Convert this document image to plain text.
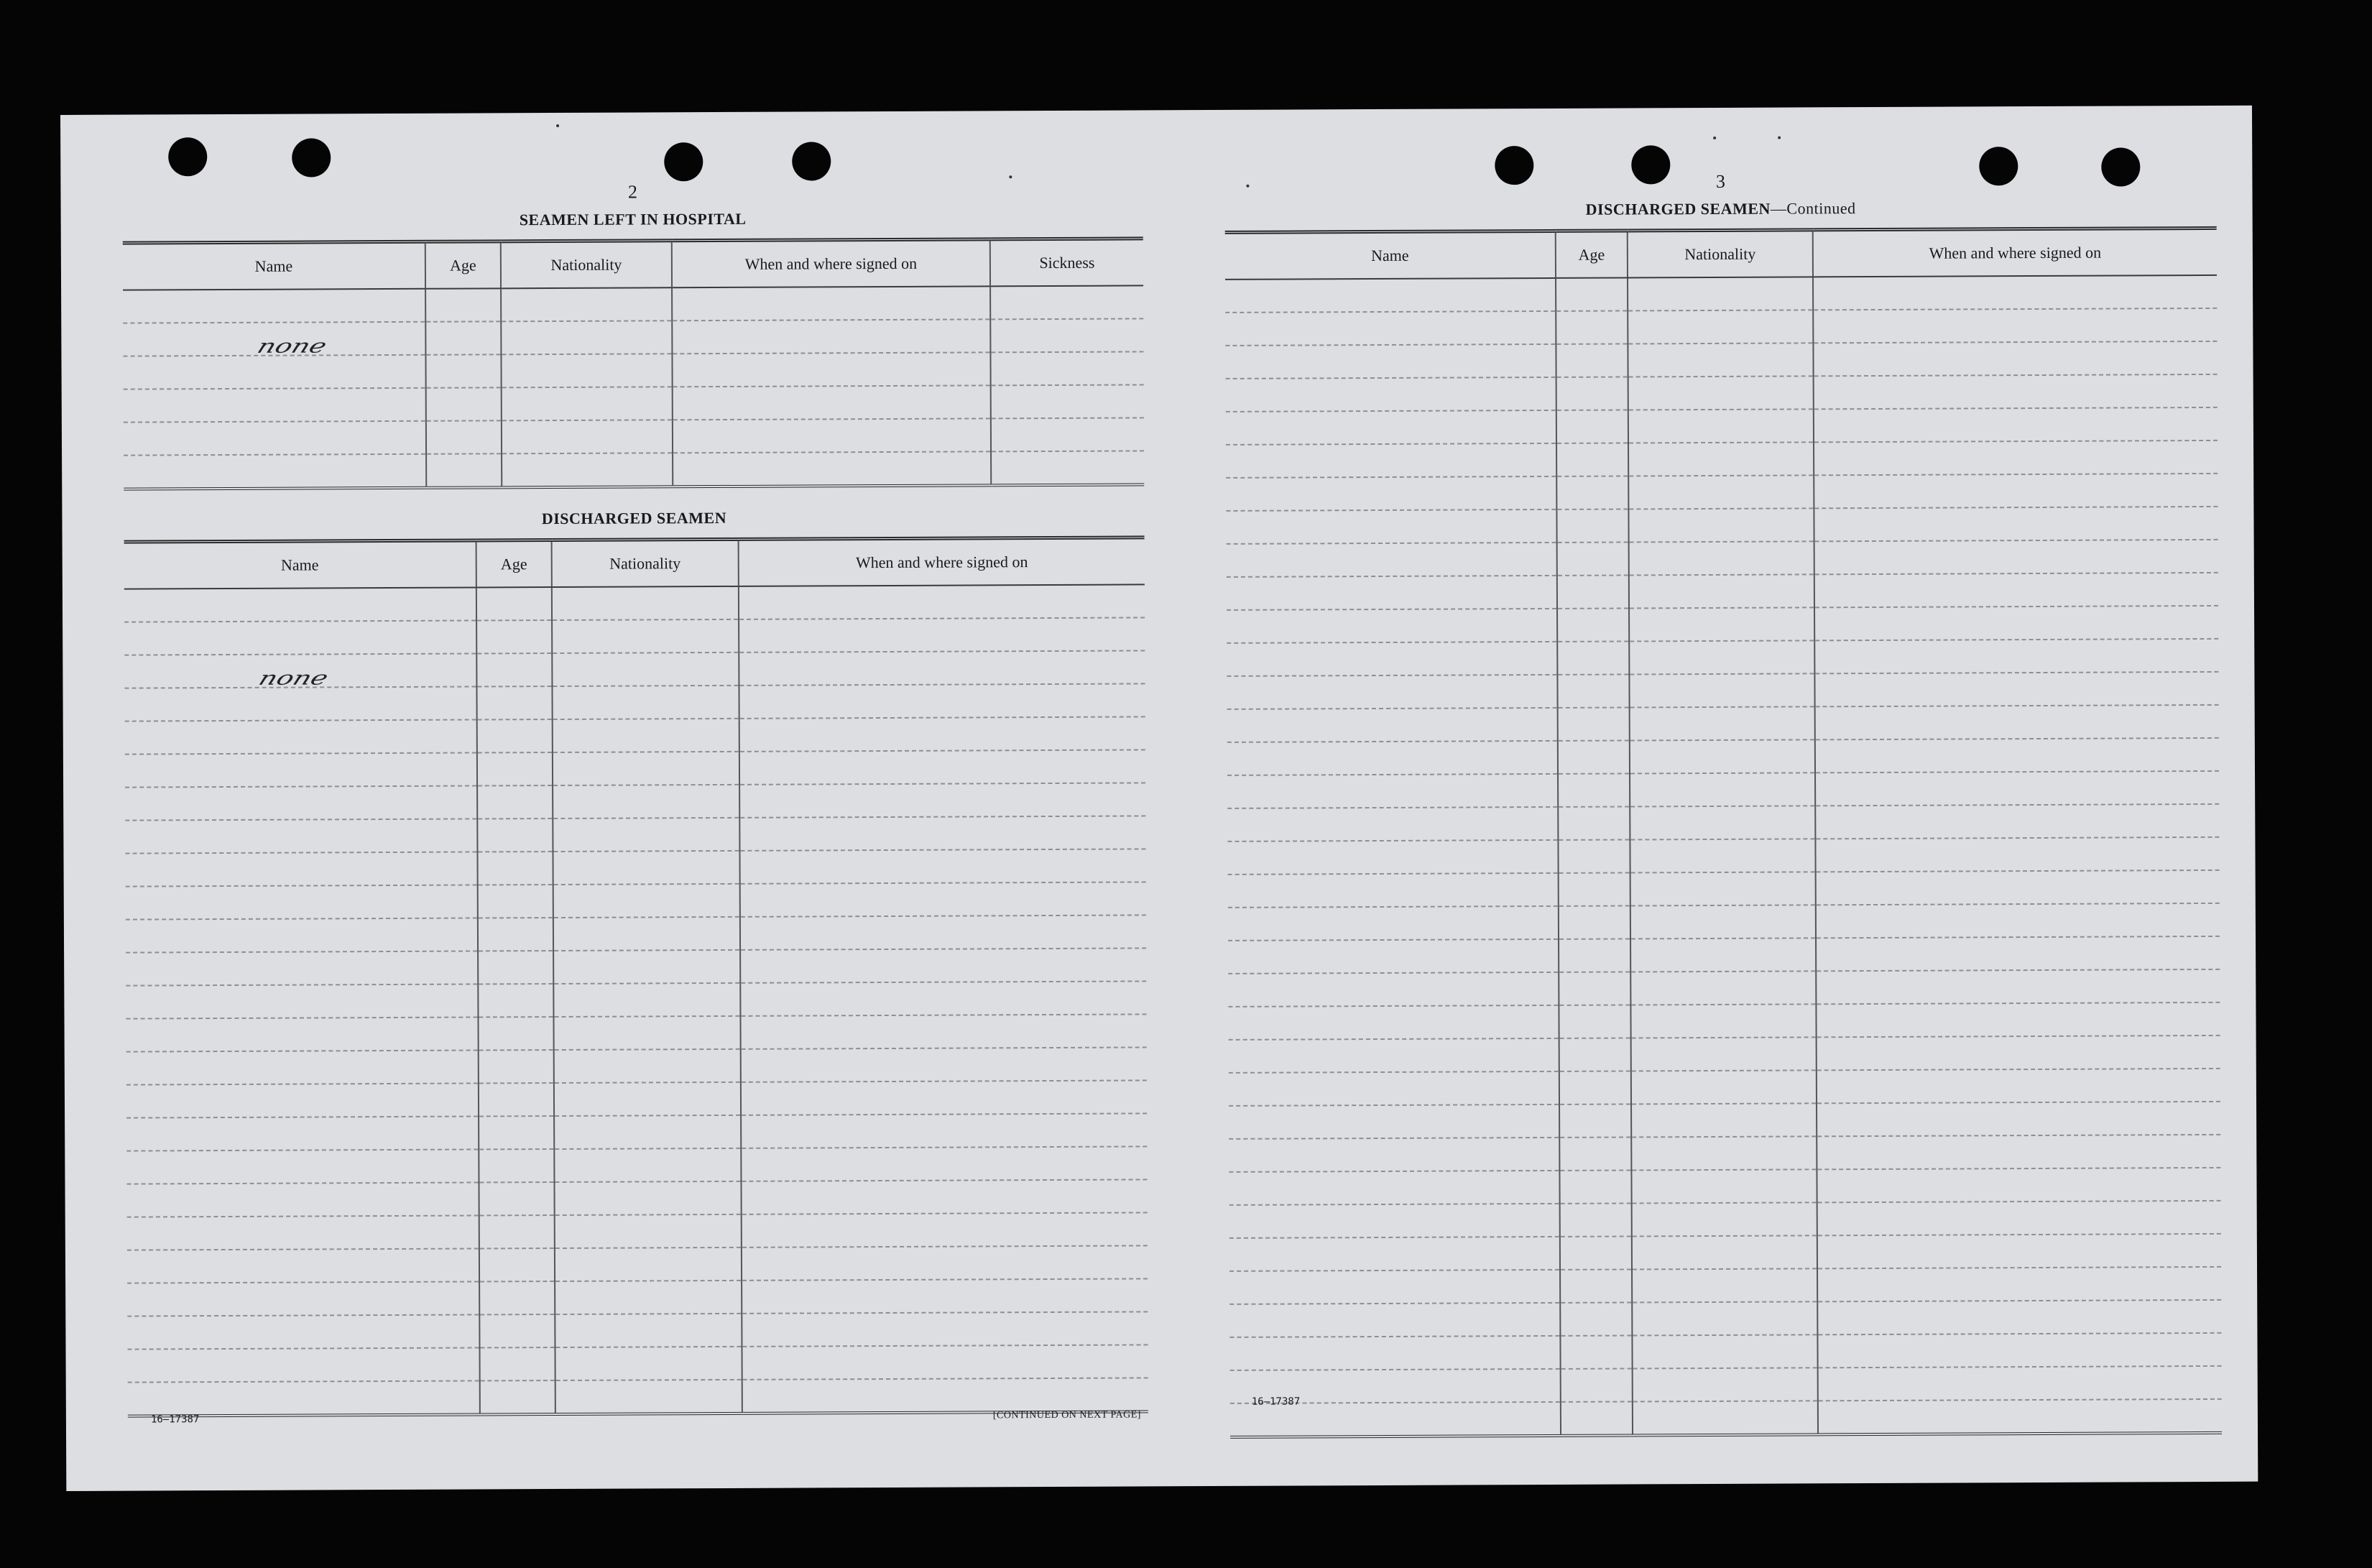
2
SEAMEN LEFT IN HOSPITAL
Name	Age	Nationality	When and where signed on	Sickness

none				

DISCHARGED SEAMEN
Name	Age	Nationality	When and where signed on

none			

16—17387	[CONTINUED ON NEXT PAGE]
3
DISCHARGED SEAMEN—Continued
Name	Age	Nationality	When and where signed on

16—17387
